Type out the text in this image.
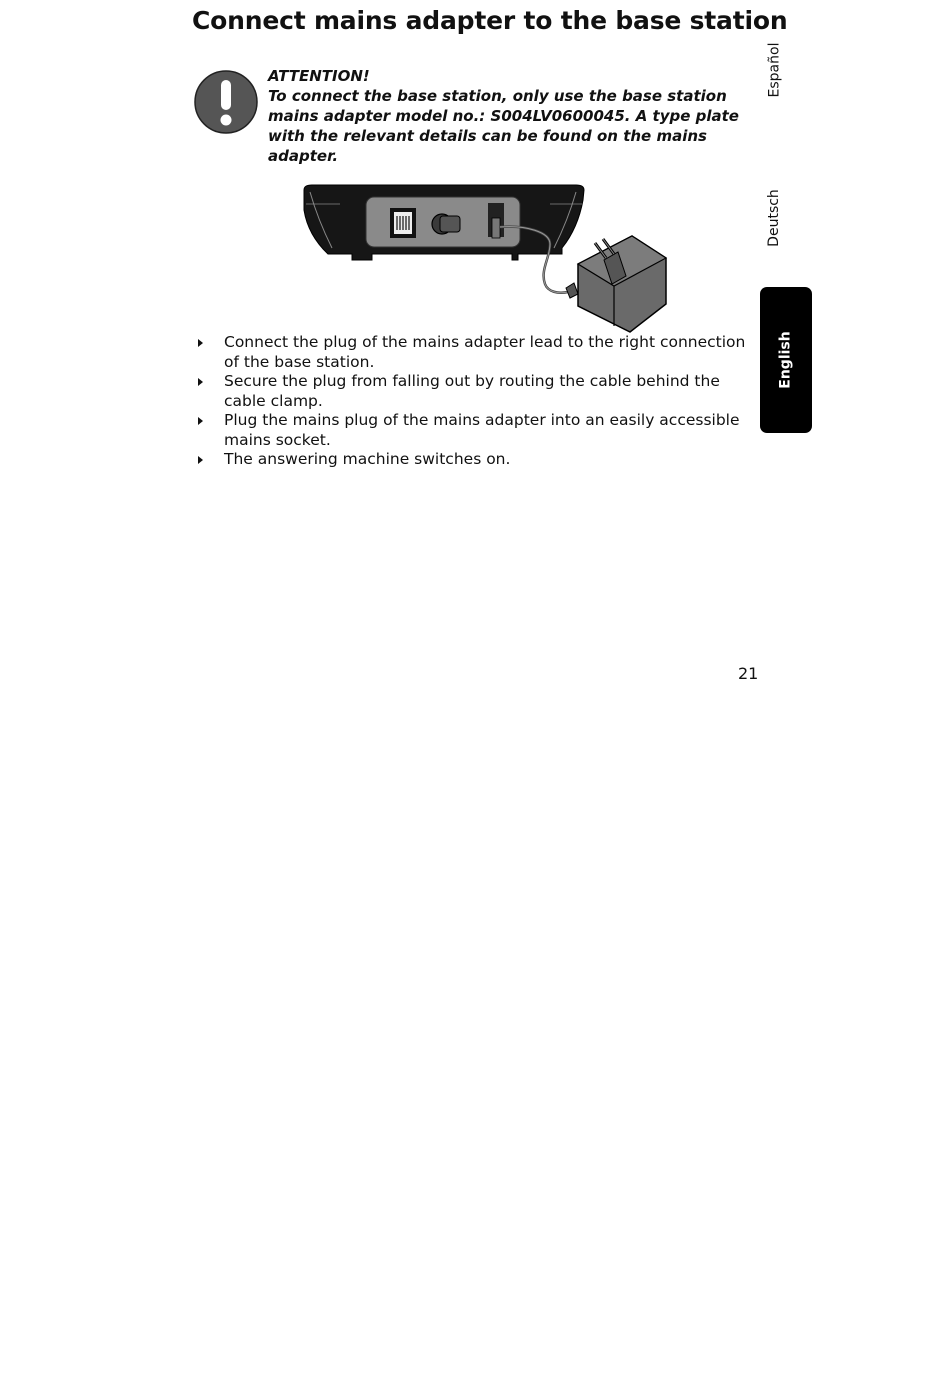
Connect mains adapter to the base station
ATTENTION!
To connect the base station, only use the base station mains adapter model no.: S004LV0600045. A type plate with the relevant details can be found on the mains adapter.
Connect the plug of the mains adapter lead to the right connection of the base station.
Secure the plug from falling out by routing the cable behind the cable clamp.
Plug the mains plug of the mains adapter into an easily accessible mains socket.
The answering machine switches on.
21
Español
Deutsch
English
